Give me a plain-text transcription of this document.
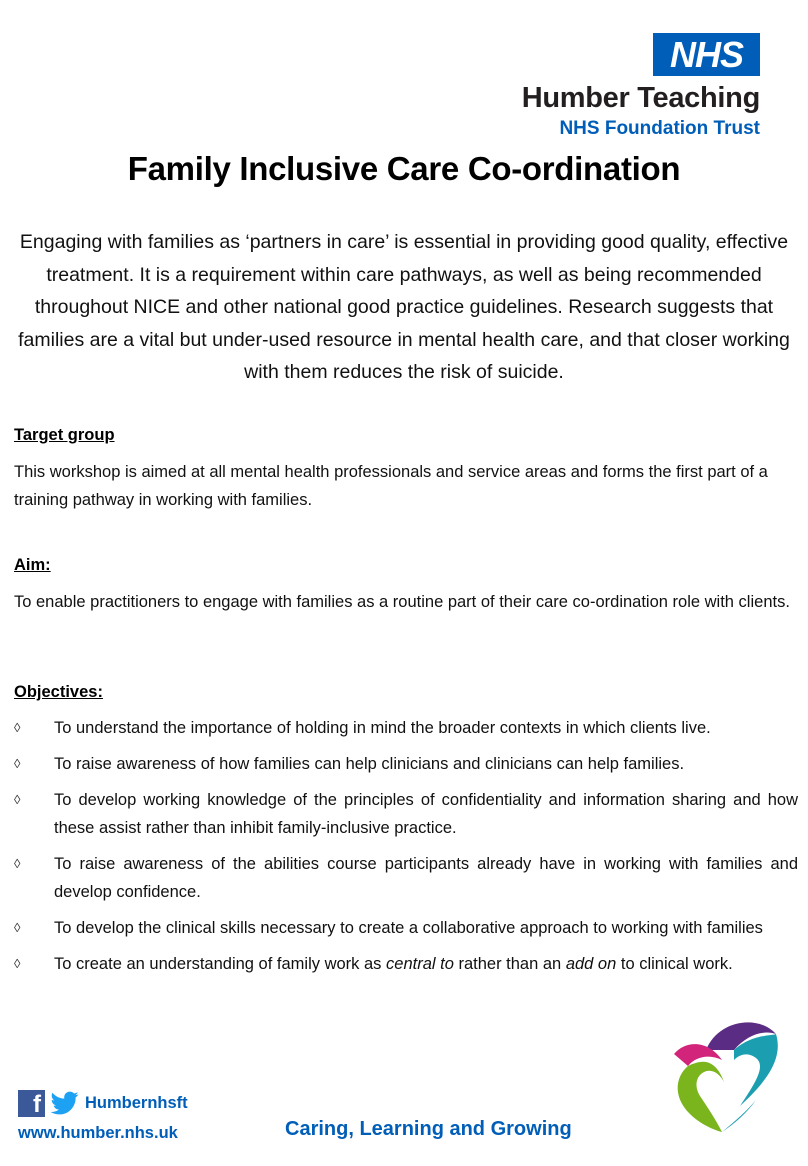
NHS
Humber Teaching
NHS Foundation Trust
Family Inclusive Care Co-ordination
Engaging with families as ‘partners in care’ is essential in providing good quality, effective treatment. It is a requirement within care pathways, as well as being recommended throughout NICE and other national good practice guidelines. Research suggests that families are a vital but under-used resource in mental health care, and that closer working with them reduces the risk of suicide.
Target group
This workshop is aimed at all mental health professionals and service areas and forms the first part of a training pathway in working with families.
Aim:
To enable practitioners to engage with families as a routine part of their care co-ordination role with clients.
Objectives:
◊ To understand the importance of holding in mind the broader contexts in which clients live.
◊ To raise awareness of how families can help clinicians and clinicians can help families.
◊ To develop working knowledge of the principles of confidentiality and information sharing and how these assist rather than inhibit family-inclusive practice.
◊ To raise awareness of the abilities course participants already have in working with families and develop confidence.
◊ To develop the clinical skills necessary to create a collaborative approach to working with families
◊ To create an understanding of family work as central to rather than an add on to clinical work.
f	Humbernhsft
www.humber.nhs.uk	Caring, Learning and Growing
